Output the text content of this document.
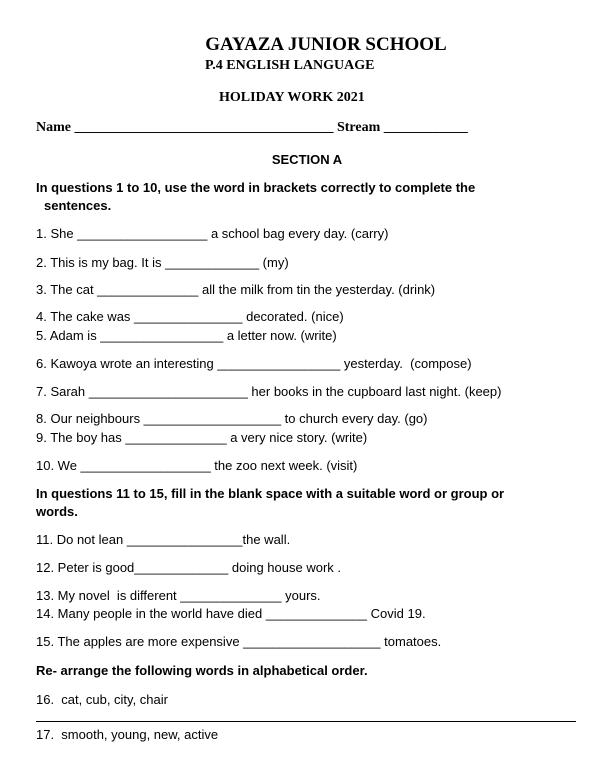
GAYAZA JUNIOR SCHOOL
P.4 ENGLISH LANGUAGE
HOLIDAY WORK 2021
Name _____________________________________ Stream ____________
SECTION A
In questions 1 to 10, use the word in brackets correctly to complete the
sentences.
1. She __________________ a school bag every day. (carry)
2. This is my bag. It is _____________ (my)
3. The cat ______________ all the milk from tin the yesterday. (drink)
4. The cake was _______________ decorated. (nice)
5. Adam is _________________ a letter now. (write)
6. Kawoya wrote an interesting _________________ yesterday.  (compose)
7. Sarah ______________________ her books in the cupboard last night. (keep)
8. Our neighbours ___________________ to church every day. (go)
9. The boy has ______________ a very nice story. (write)
10. We __________________ the zoo next week. (visit)
In questions 11 to 15, fill in the blank space with a suitable word or group or
words.
11. Do not lean ________________the wall.
12. Peter is good_____________ doing house work .
13. My novel  is different ______________ yours.
14. Many people in the world have died ______________ Covid 19.
15. The apples are more expensive ___________________ tomatoes.
Re- arrange the following words in alphabetical order.
16.  cat, cub, city, chair
17.  smooth, young, new, active
